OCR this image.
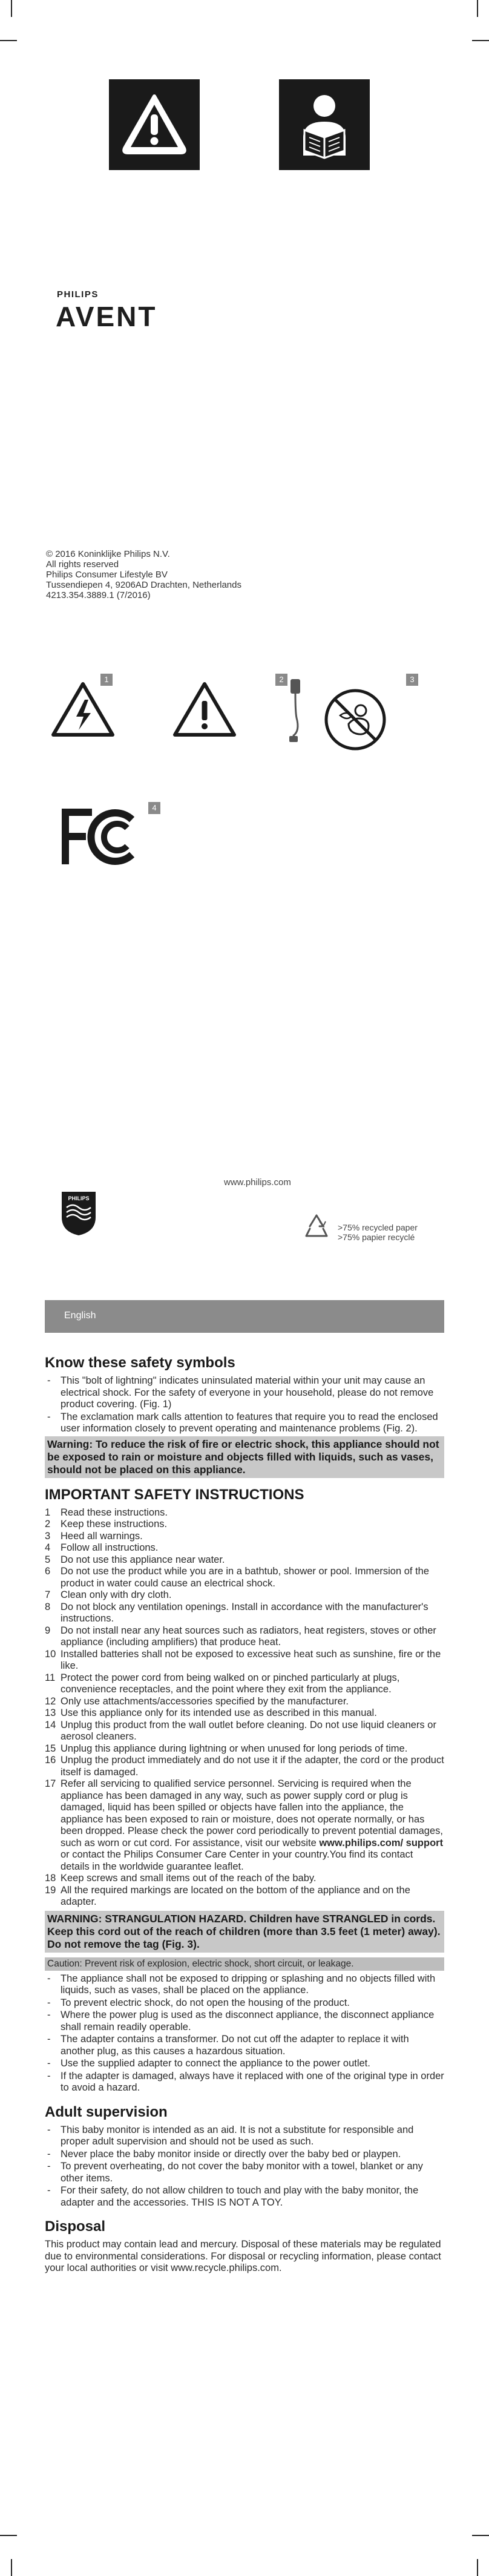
PHILIPS
AVENT
© 2016 Koninklijke Philips N.V.
All rights reserved
Philips Consumer Lifestyle BV
Tussendiepen 4, 9206AD Drachten, Netherlands
4213.354.3889.1 (7/2016)
1	2	3
4
www.philips.com
PHILIPS
>75% recycled paper
>75% papier recyclé
English
Know these safety symbols
- This "bolt of lightning" indicates uninsulated material within your unit may cause an electrical shock. For the safety of everyone in your household, please do not remove product covering. (Fig. 1)
- The exclamation mark calls attention to features that require you to read the enclosed user information closely to prevent operating and maintenance problems (Fig. 2).
Warning: To reduce the risk of fire or electric shock, this appliance should not be exposed to rain or moisture and objects filled with liquids, such as vases, should not be placed on this appliance.
IMPORTANT SAFETY INSTRUCTIONS
1 Read these instructions.
2 Keep these instructions.
3 Heed all warnings.
4 Follow all instructions.
5 Do not use this appliance near water.
6 Do not use the product while you are in a bathtub, shower or pool. Immersion of the product in water could cause an electrical shock.
7 Clean only with dry cloth.
8 Do not block any ventilation openings. Install in accordance with the manufacturer's instructions.
9 Do not install near any heat sources such as radiators, heat registers, stoves or other appliance (including amplifiers) that produce heat.
10 Installed batteries shall not be exposed to excessive heat such as sunshine, fire or the like.
11 Protect the power cord from being walked on or pinched particularly at plugs, convenience receptacles, and the point where they exit from the appliance.
12 Only use attachments/accessories specified by the manufacturer.
13 Use this appliance only for its intended use as described in this manual.
14 Unplug this product from the wall outlet before cleaning. Do not use liquid cleaners or aerosol cleaners.
15 Unplug this appliance during lightning or when unused for long periods of time.
16 Unplug the product immediately and do not use it if the adapter, the cord or the product itself is damaged.
17 Refer all servicing to qualified service personnel. Servicing is required when the appliance has been damaged in any way, such as power supply cord or plug is damaged, liquid has been spilled or objects have fallen into the appliance, the appliance has been exposed to rain or moisture, does not operate normally, or has been dropped. Please check the power cord periodically to prevent potential damages, such as worn or cut cord. For assistance, visit our website www.philips.com/ support or contact the Philips Consumer Care Center in your country.You find its contact details in the worldwide guarantee leaflet.
18 Keep screws and small items out of the reach of the baby.
19 All the required markings are located on the bottom of the appliance and on the adapter.
WARNING: STRANGULATION HAZARD. Children have STRANGLED in cords. Keep this cord out of the reach of children (more than 3.5 feet (1 meter) away). Do not remove the tag (Fig. 3).
Caution: Prevent risk of explosion, electric shock, short circuit, or leakage.
- The appliance shall not be exposed to dripping or splashing and no objects filled with liquids, such as vases, shall be placed on the appliance.
- To prevent electric shock, do not open the housing of the product.
- Where the power plug is used as the disconnect appliance, the disconnect appliance shall remain readily operable.
- The adapter contains a transformer. Do not cut off the adapter to replace it with another plug, as this causes a hazardous situation.
- Use the supplied adapter to connect the appliance to the power outlet.
- If the adapter is damaged, always have it replaced with one of the original type in order to avoid a hazard.
Adult supervision
- This baby monitor is intended as an aid. It is not a substitute for responsible and proper adult supervision and should not be used as such.
- Never place the baby monitor inside or directly over the baby bed or playpen.
- To prevent overheating, do not cover the baby monitor with a towel, blanket or any other items.
- For their safety, do not allow children to touch and play with the baby monitor, the adapter and the accessories. THIS IS NOT A TOY.
Disposal

This product may contain lead and mercury. Disposal of these materials may be regulated due to environmental considerations. For disposal or recycling information, please contact your local authorities or visit www.recycle.philips.com.
